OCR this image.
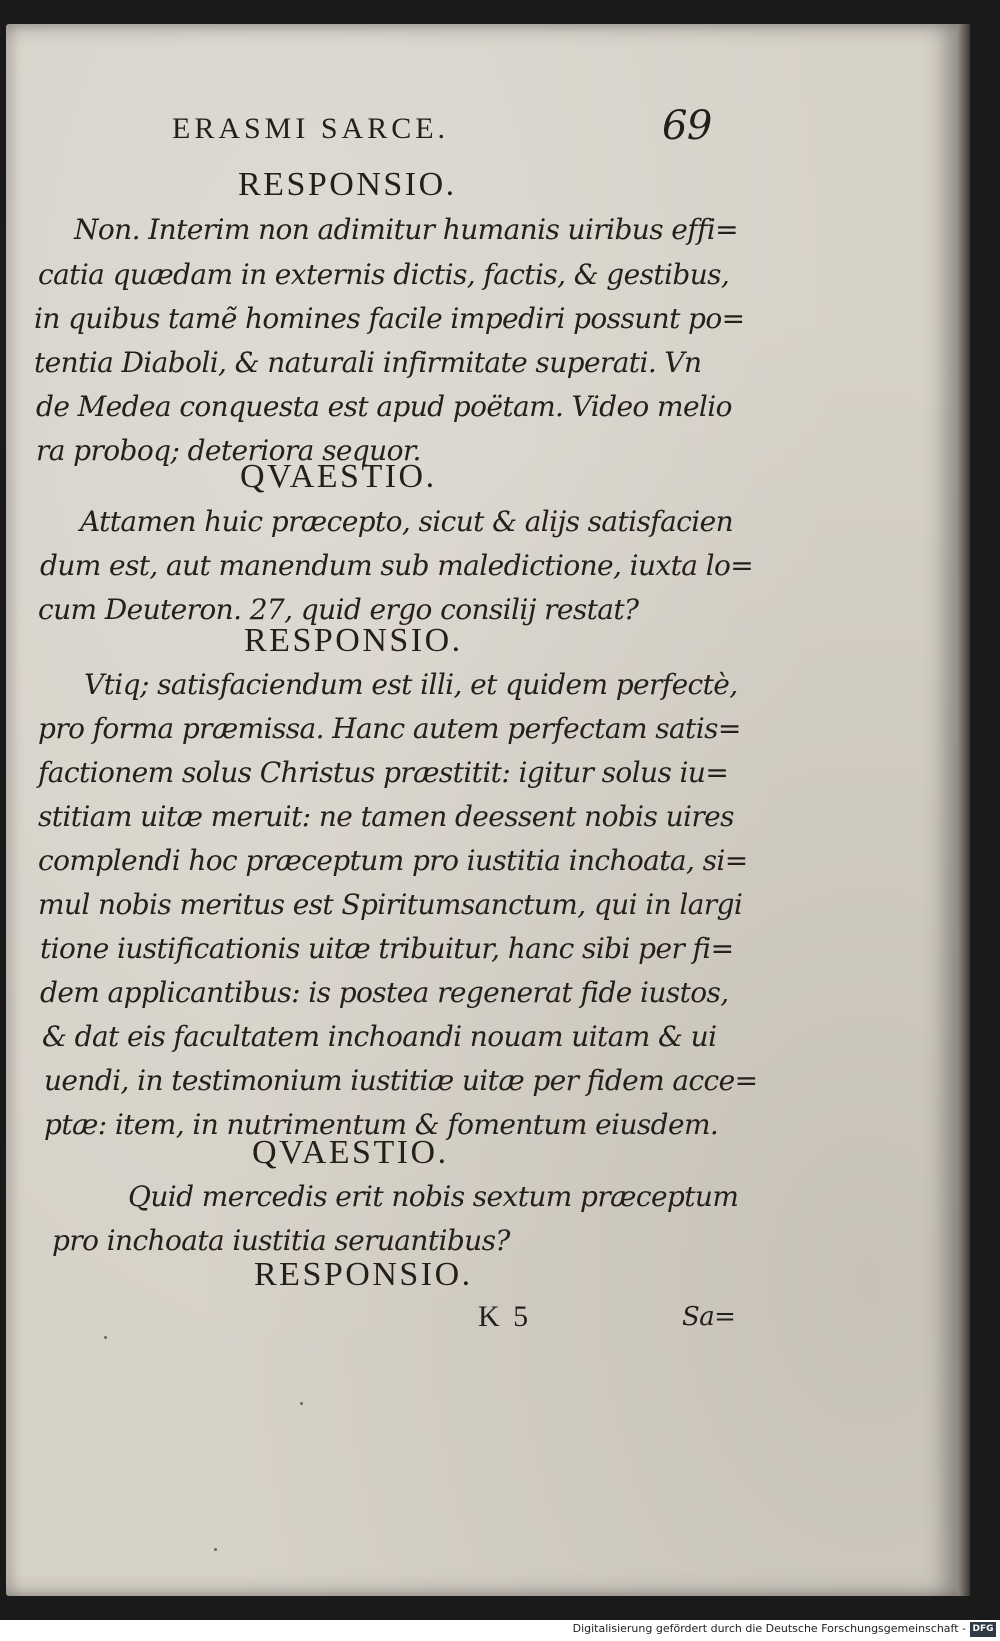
ERASMI SARCE.	69
RESPONSIO.
Non. Interim non adimitur humanis uiribus effi=
catia quædam in externis dictis, factis, & gestibus,
in quibus tamẽ homines facile impediri possunt po=
tentia Diaboli, & naturali infirmitate superati. Vn
de Medea conquesta est apud poëtam. Video melio
ra proboq; deteriora sequor.
QVAESTIO.
Attamen huic præcepto, sicut & alijs satisfacien
dum est, aut manendum sub maledictione, iuxta lo=
cum Deuteron. 27, quid ergo consilij restat?
RESPONSIO.
Vtiq; satisfaciendum est illi, et quidem perfectè,
pro forma præmissa. Hanc autem perfectam satis=
factionem solus Christus præstitit: igitur solus iu=
stitiam uitæ meruit: ne tamen deessent nobis uires
complendi hoc præceptum pro iustitia inchoata, si=
mul nobis meritus est Spiritumsanctum, qui in largi
tione iustificationis uitæ tribuitur, hanc sibi per fi=
dem applicantibus: is postea regenerat fide iustos,
& dat eis facultatem inchoandi nouam uitam & ui
uendi, in testimonium iustitiæ uitæ per fidem acce=
ptæ: item, in nutrimentum & fomentum eiusdem.
QVAESTIO.
Quid mercedis erit nobis sextum præceptum
pro inchoata iustitia seruantibus?
RESPONSIO.
K 5	Sa=
Digitalisierung gefördert durch die Deutsche Forschungsgemeinschaft - DFG
